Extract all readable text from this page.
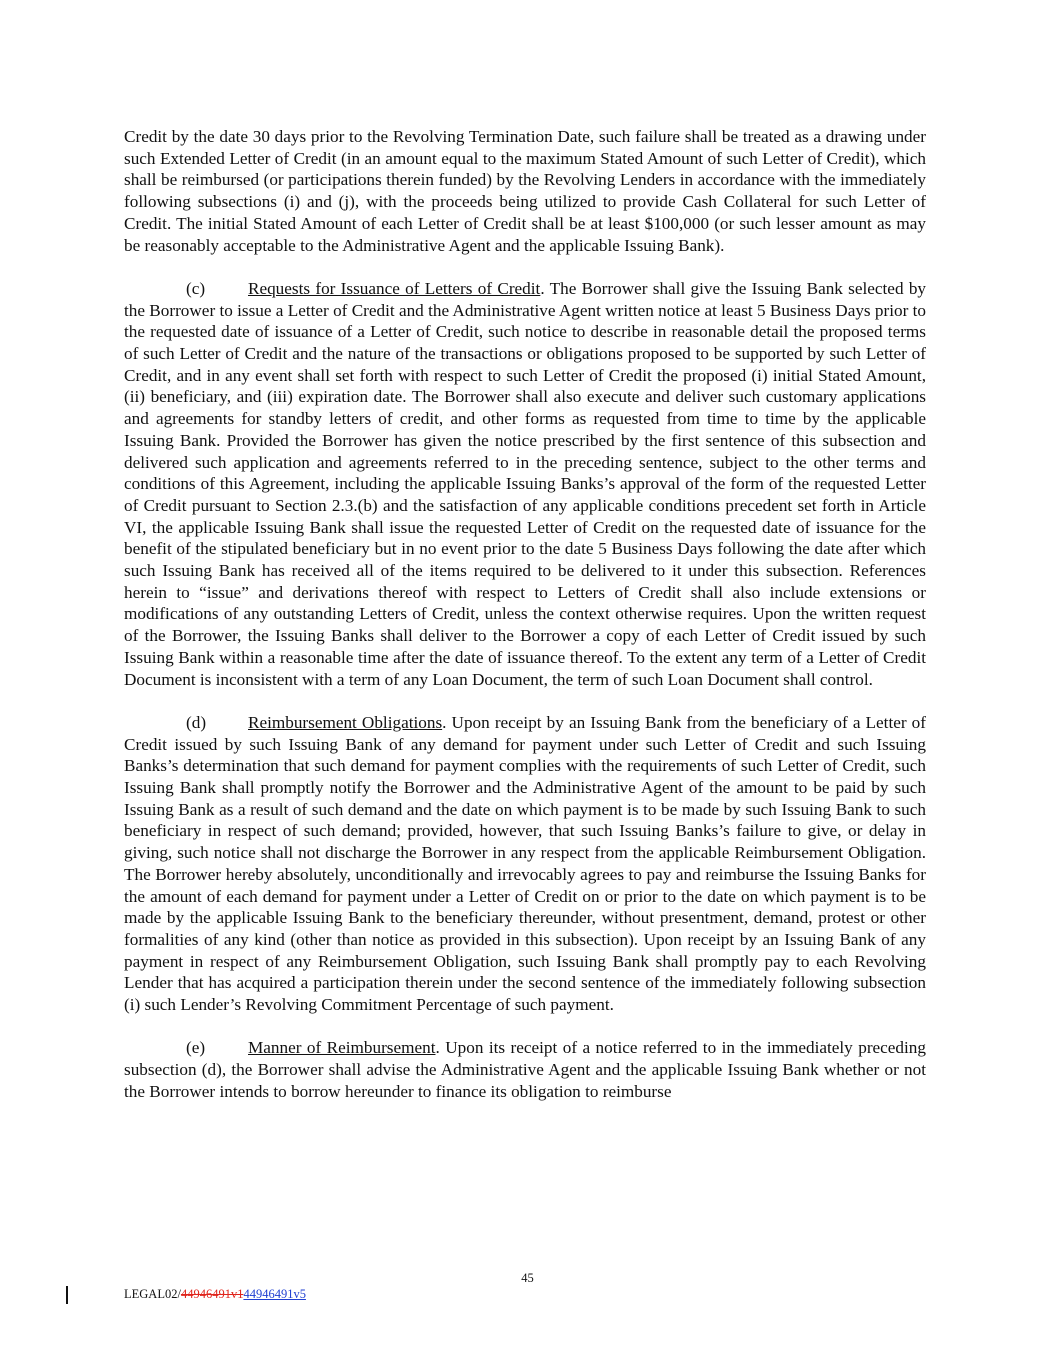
Credit by the date 30 days prior to the Revolving Termination Date, such failure shall be treated as a drawing under such Extended Letter of Credit (in an amount equal to the maximum Stated Amount of such Letter of Credit), which shall be reimbursed (or participations therein funded) by the Revolving Lenders in accordance with the immediately following subsections (i) and (j), with the proceeds being utilized to provide Cash Collateral for such Letter of Credit. The initial Stated Amount of each Letter of Credit shall be at least $100,000 (or such lesser amount as may be reasonably acceptable to the Administrative Agent and the applicable Issuing Bank).

(c) Requests for Issuance of Letters of Credit. The Borrower shall give the Issuing Bank selected by the Borrower to issue a Letter of Credit and the Administrative Agent written notice at least 5 Business Days prior to the requested date of issuance of a Letter of Credit, such notice to describe in reasonable detail the proposed terms of such Letter of Credit and the nature of the transactions or obligations proposed to be supported by such Letter of Credit, and in any event shall set forth with respect to such Letter of Credit the proposed (i) initial Stated Amount, (ii) beneficiary, and (iii) expiration date. The Borrower shall also execute and deliver such customary applications and agreements for standby letters of credit, and other forms as requested from time to time by the applicable Issuing Bank. Provided the Borrower has given the notice prescribed by the first sentence of this subsection and delivered such application and agreements referred to in the preceding sentence, subject to the other terms and conditions of this Agreement, including the applicable Issuing Banks’s approval of the form of the requested Letter of Credit pursuant to Section 2.3.(b) and the satisfaction of any applicable conditions precedent set forth in Article VI, the applicable Issuing Bank shall issue the requested Letter of Credit on the requested date of issuance for the benefit of the stipulated beneficiary but in no event prior to the date 5 Business Days following the date after which such Issuing Bank has received all of the items required to be delivered to it under this subsection. References herein to “issue” and derivations thereof with respect to Letters of Credit shall also include extensions or modifications of any outstanding Letters of Credit, unless the context otherwise requires. Upon the written request of the Borrower, the Issuing Banks shall deliver to the Borrower a copy of each Letter of Credit issued by such Issuing Bank within a reasonable time after the date of issuance thereof. To the extent any term of a Letter of Credit Document is inconsistent with a term of any Loan Document, the term of such Loan Document shall control.

(d) Reimbursement Obligations. Upon receipt by an Issuing Bank from the beneficiary of a Letter of Credit issued by such Issuing Bank of any demand for payment under such Letter of Credit and such Issuing Banks’s determination that such demand for payment complies with the requirements of such Letter of Credit, such Issuing Bank shall promptly notify the Borrower and the Administrative Agent of the amount to be paid by such Issuing Bank as a result of such demand and the date on which payment is to be made by such Issuing Bank to such beneficiary in respect of such demand; provided, however, that such Issuing Banks’s failure to give, or delay in giving, such notice shall not discharge the Borrower in any respect from the applicable Reimbursement Obligation. The Borrower hereby absolutely, unconditionally and irrevocably agrees to pay and reimburse the Issuing Banks for the amount of each demand for payment under a Letter of Credit on or prior to the date on which payment is to be made by the applicable Issuing Bank to the beneficiary thereunder, without presentment, demand, protest or other formalities of any kind (other than notice as provided in this subsection). Upon receipt by an Issuing Bank of any payment in respect of any Reimbursement Obligation, such Issuing Bank shall promptly pay to each Revolving Lender that has acquired a participation therein under the second sentence of the immediately following subsection (i) such Lender’s Revolving Commitment Percentage of such payment.

(e) Manner of Reimbursement. Upon its receipt of a notice referred to in the immediately preceding subsection (d), the Borrower shall advise the Administrative Agent and the applicable Issuing Bank whether or not the Borrower intends to borrow hereunder to finance its obligation to reimburse

45
LEGAL02/44946491v144946491v5
